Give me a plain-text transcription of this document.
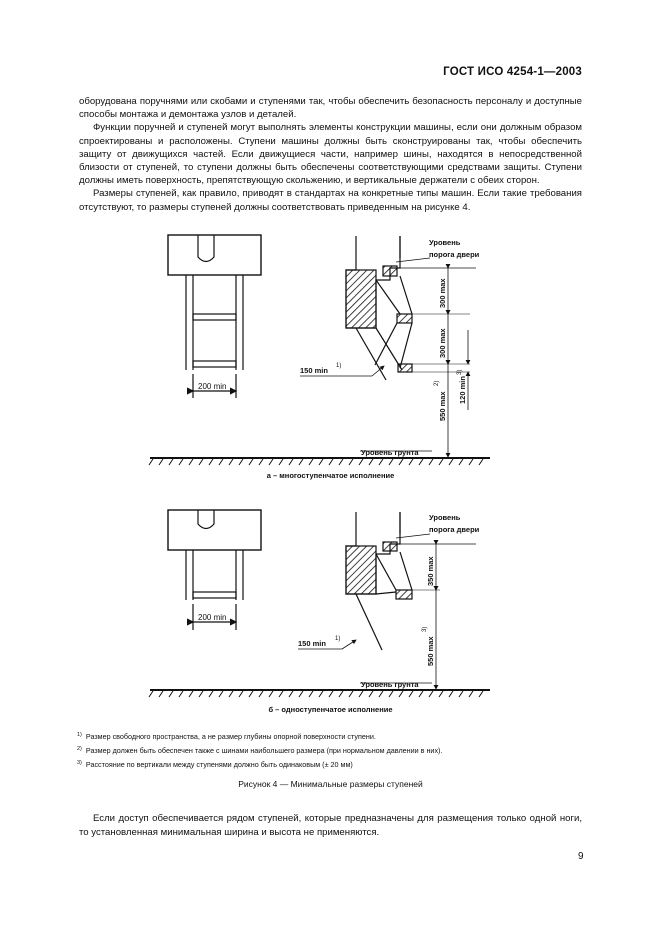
ГОСТ ИСО 4254-1—2003

оборудована поручнями или скобами и ступенями так, чтобы обеспечить безопасность персоналу и доступные способы монтажа и демонтажа узлов и деталей.

Функции поручней и ступеней могут выполнять элементы конструкции машины, если они должным образом спроектированы и расположены. Ступени машины должны быть сконструированы так, чтобы обеспечить защиту от движущихся частей. Если движущиеся части, например шины, находятся в непосредственной близости от ступеней, то ступени должны быть обеспечены соответствующими средствами защиты. Ступени должны иметь поверхность, препятствующую скольжению, и вертикальные держатели с обеих сторон.

Размеры ступеней, как правило, приводят в стандартах на конкретные типы машин. Если такие требования отсутствуют, то размеры ступеней должны соответствовать приведенным на рисунке 4.

200 min
Уровень
порога двери
300 max
300 max
120 min
3)
550 max
2)
150 min 1)
Уровень грунта
а – многоступенчатое исполнение
200 min
Уровень
порога двери
350 max
550 max
3)
150 min 1)
Уровень грунта
б – одноступенчатое исполнение
$^{1)}$ Размер свободного пространства, а не размер глубины опорной поверхности ступени.
$^{2)}$ Размер должен быть обеспечен также с шинами наибольшего размера (при нормальном давлении в них).
$^{3)}$ Расстояние по вертикали между ступенями должно быть одинаковым (± 20 мм)
Рисунок 4 — Минимальные размеры ступеней

Если доступ обеспечивается рядом ступеней, которые предназначены для размещения только одной ноги, то установленная минимальная ширина и высота не применяются.

9
